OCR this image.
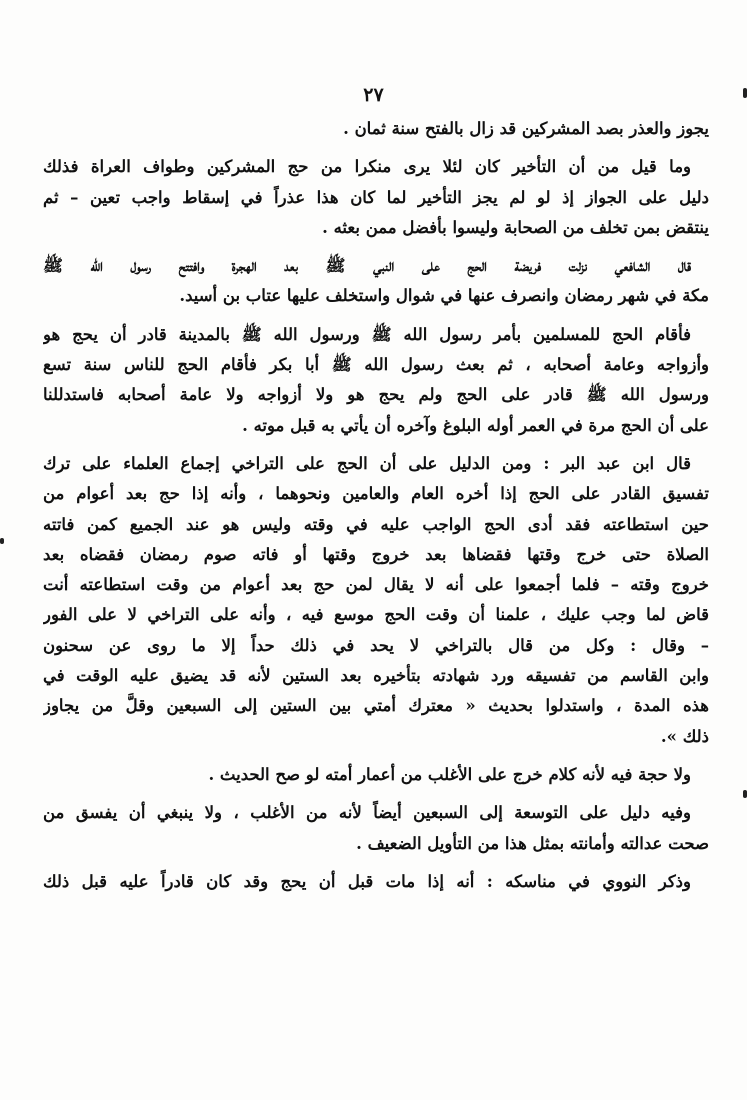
٢٧
يجوز والعذر بصد المشركين قد زال بالفتح سنة ثمان .
وما قيل من أن التأخير كان لئلا يرى منكرا من حج المشركين وطواف العراة فذلك
دليل على الجواز إذ لو لم يجز التأخير لما كان هذا عذراً في إسقاط واجب تعين – ثم
ينتقض بمن تخلف من الصحابة وليسوا بأفضل ممن بعثه .
قال الشافعي نزلت فريضة الحج على النبي ﷺ بعد الهجرة وافتتح رسول الله ﷺ
مكة في شهر رمضان وانصرف عنها في شوال واستخلف عليها عتاب بن أسيد.
فأقام الحج للمسلمين بأمر رسول الله ﷺ ورسول الله ﷺ بالمدينة قادر أن يحج هو
وأزواجه وعامة أصحابه ، ثم بعث رسول الله ﷺ أبا بكر فأقام الحج للناس سنة تسع
ورسول الله ﷺ قادر على الحج ولم يحج هو ولا أزواجه ولا عامة أصحابه فاستدللنا
على أن الحج مرة في العمر أوله البلوغ وآخره أن يأتي به قبل موته .
قال ابن عبد البر : ومن الدليل على أن الحج على التراخي إجماع العلماء على ترك
تفسيق القادر على الحج إذا أخره العام والعامين ونحوهما ، وأنه إذا حج بعد أعوام من
حين استطاعته فقد أدى الحج الواجب عليه في وقته وليس هو عند الجميع كمن فاتته
الصلاة حتى خرج وقتها فقضاها بعد خروج وقتها أو فاته صوم رمضان فقضاه بعد
خروج وقته – فلما أجمعوا على أنه لا يقال لمن حج بعد أعوام من وقت استطاعته أنت
قاض لما وجب عليك ، علمنا أن وقت الحج موسع فيه ، وأنه على التراخي لا على الفور
– وقال : وكل من قال بالتراخي لا يحد في ذلك حداً إلا ما روى عن سحنون
وابن القاسم من تفسيقه ورد شهادته بتأخيره بعد الستين لأنه قد يضيق عليه الوقت في
هذه المدة ، واستدلوا بحديث « معترك أمتي بين الستين إلى السبعين وقلَّ من يجاوز
ذلك ».
ولا حجة فيه لأنه كلام خرج على الأغلب من أعمار أمته لو صح الحديث .
وفيه دليل على التوسعة إلى السبعين أيضاً لأنه من الأغلب ، ولا ينبغي أن يفسق من
صحت عدالته وأمانته بمثل هذا من التأويل الضعيف .
وذكر النووي في مناسكه : أنه إذا مات قبل أن يحج وقد كان قادراً عليه قبل ذلك
